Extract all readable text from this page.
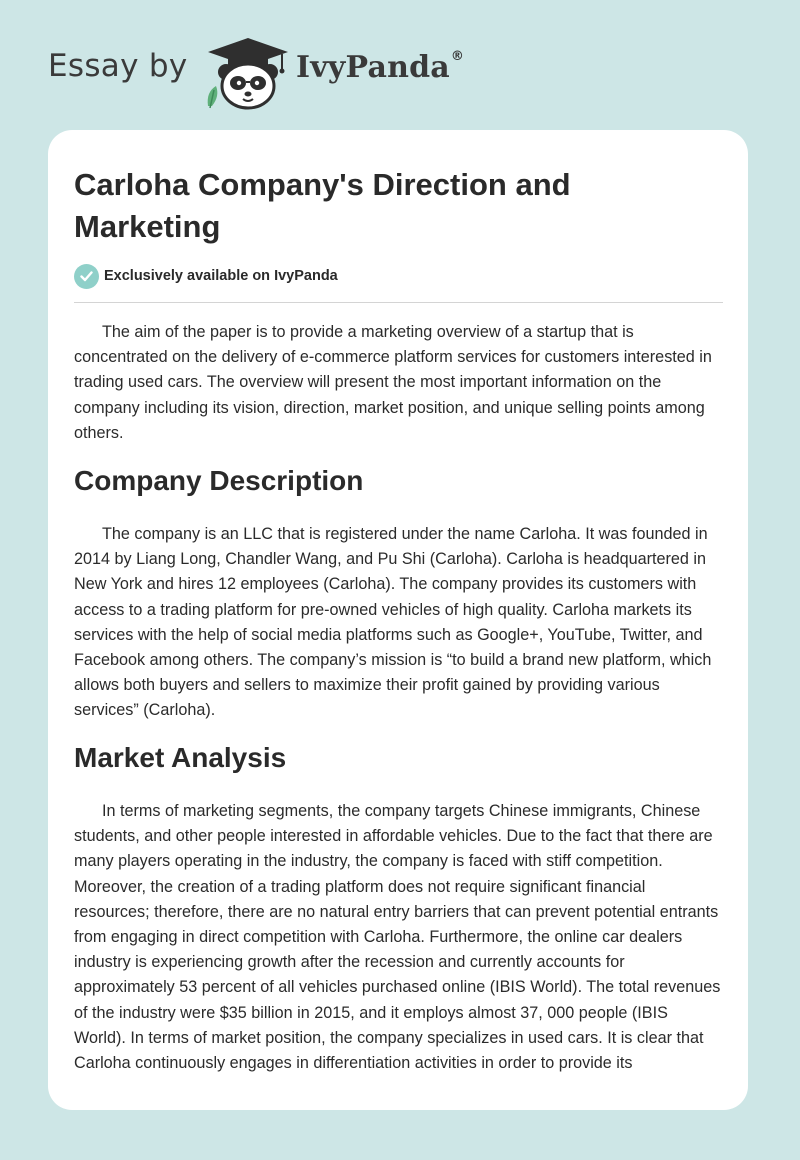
Essay by	IvyPanda®
Carloha Company's Direction and Marketing
Exclusively available on IvyPanda

The aim of the paper is to provide a marketing overview of a startup that is concentrated on the delivery of e-commerce platform services for customers interested in trading used cars. The overview will present the most important information on the company including its vision, direction, market position, and unique selling points among others.

Company Description

The company is an LLC that is registered under the name Carloha. It was founded in 2014 by Liang Long, Chandler Wang, and Pu Shi (Carloha). Carloha is headquartered in New York and hires 12 employees (Carloha). The company provides its customers with access to a trading platform for pre-owned vehicles of high quality. Carloha markets its services with the help of social media platforms such as Google+, YouTube, Twitter, and Facebook among others. The company’s mission is “to build a brand new platform, which allows both buyers and sellers to maximize their profit gained by providing various services” (Carloha).

Market Analysis

In terms of marketing segments, the company targets Chinese immigrants, Chinese students, and other people interested in affordable vehicles. Due to the fact that there are many players operating in the industry, the company is faced with stiff competition. Moreover, the creation of a trading platform does not require significant financial resources; therefore, there are no natural entry barriers that can prevent potential entrants from engaging in direct competition with Carloha. Furthermore, the online car dealers industry is experiencing growth after the recession and currently accounts for approximately 53 percent of all vehicles purchased online (IBIS World). The total revenues of the industry were $35 billion in 2015, and it employs almost 37, 000 people (IBIS World). In terms of market position, the company specializes in used cars. It is clear that Carloha continuously engages in differentiation activities in order to provide its
